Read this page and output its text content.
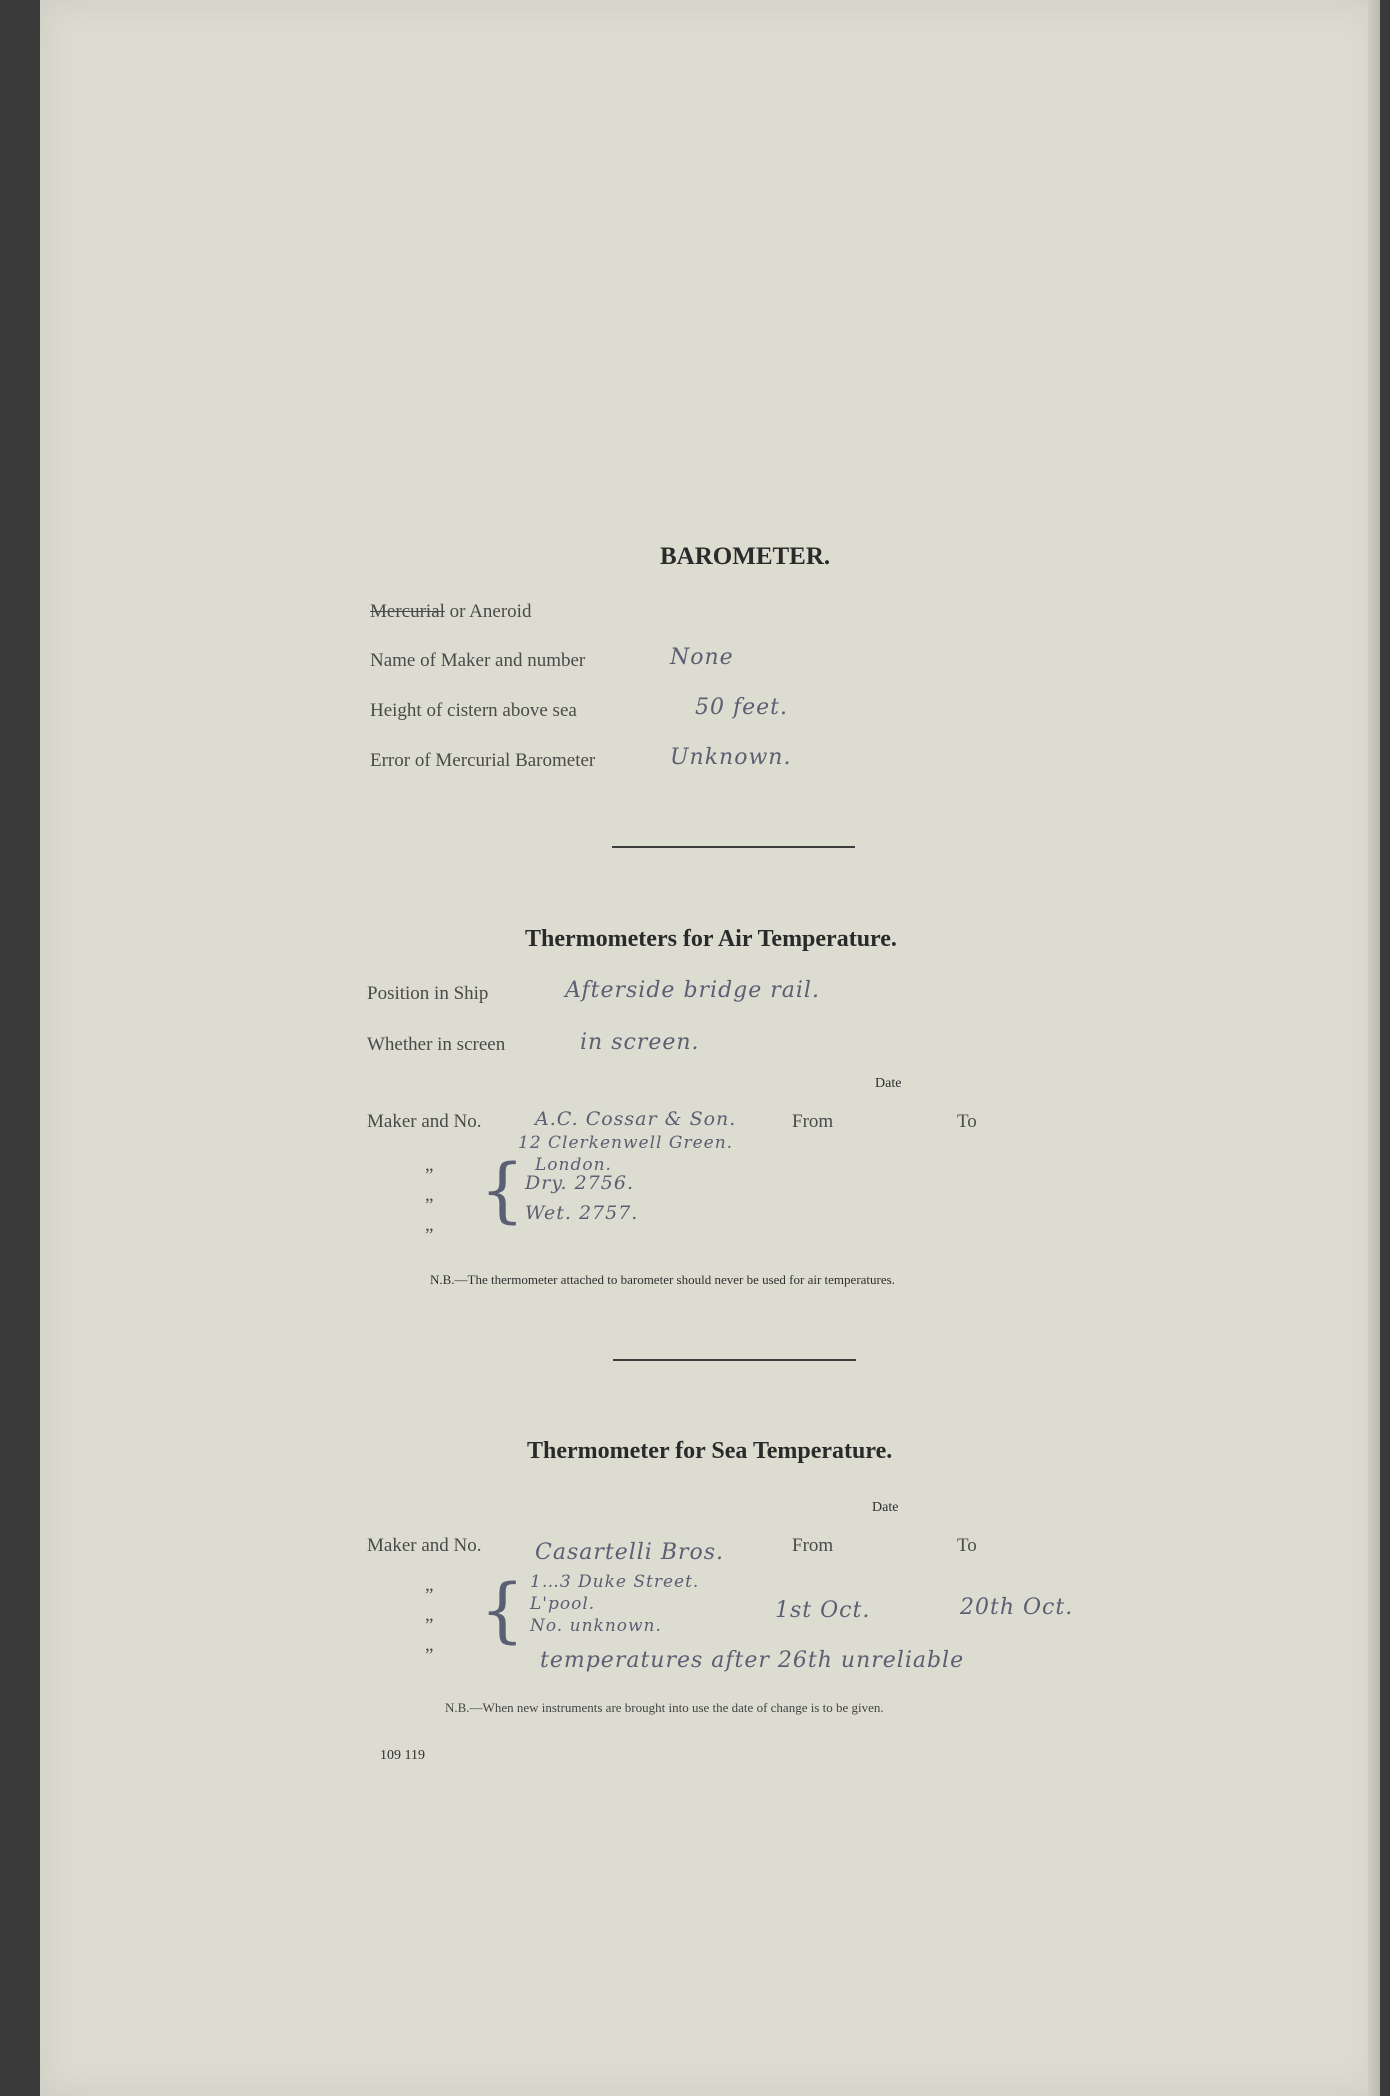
BAROMETER.
Mercurial or Aneroid
Name of Maker and number	None
Height of cistern above sea	50 feet.
Error of Mercurial Barometer	Unknown.
Thermometers for Air Temperature.
Position in Ship	Afterside bridge rail.
Whether in screen	in screen.
Date
Maker and No.	A.C. Cossar & Son.	From	To
12 Clerkenwell Green.
London.
”
”
”
{ Dry. 2756.
Wet. 2757.
N.B.—The thermometer attached to barometer should never be used for air temperatures.
Thermometer for Sea Temperature.
Date
Maker and No. Casartelli Bros.	From	To
”
”
”
{ 1…3 Duke Street.
L'pool.
No. unknown.
1st Oct.	20th Oct.
temperatures after 26th unreliable
N.B.—When new instruments are brought into use the date of change is to be given.
109 119
